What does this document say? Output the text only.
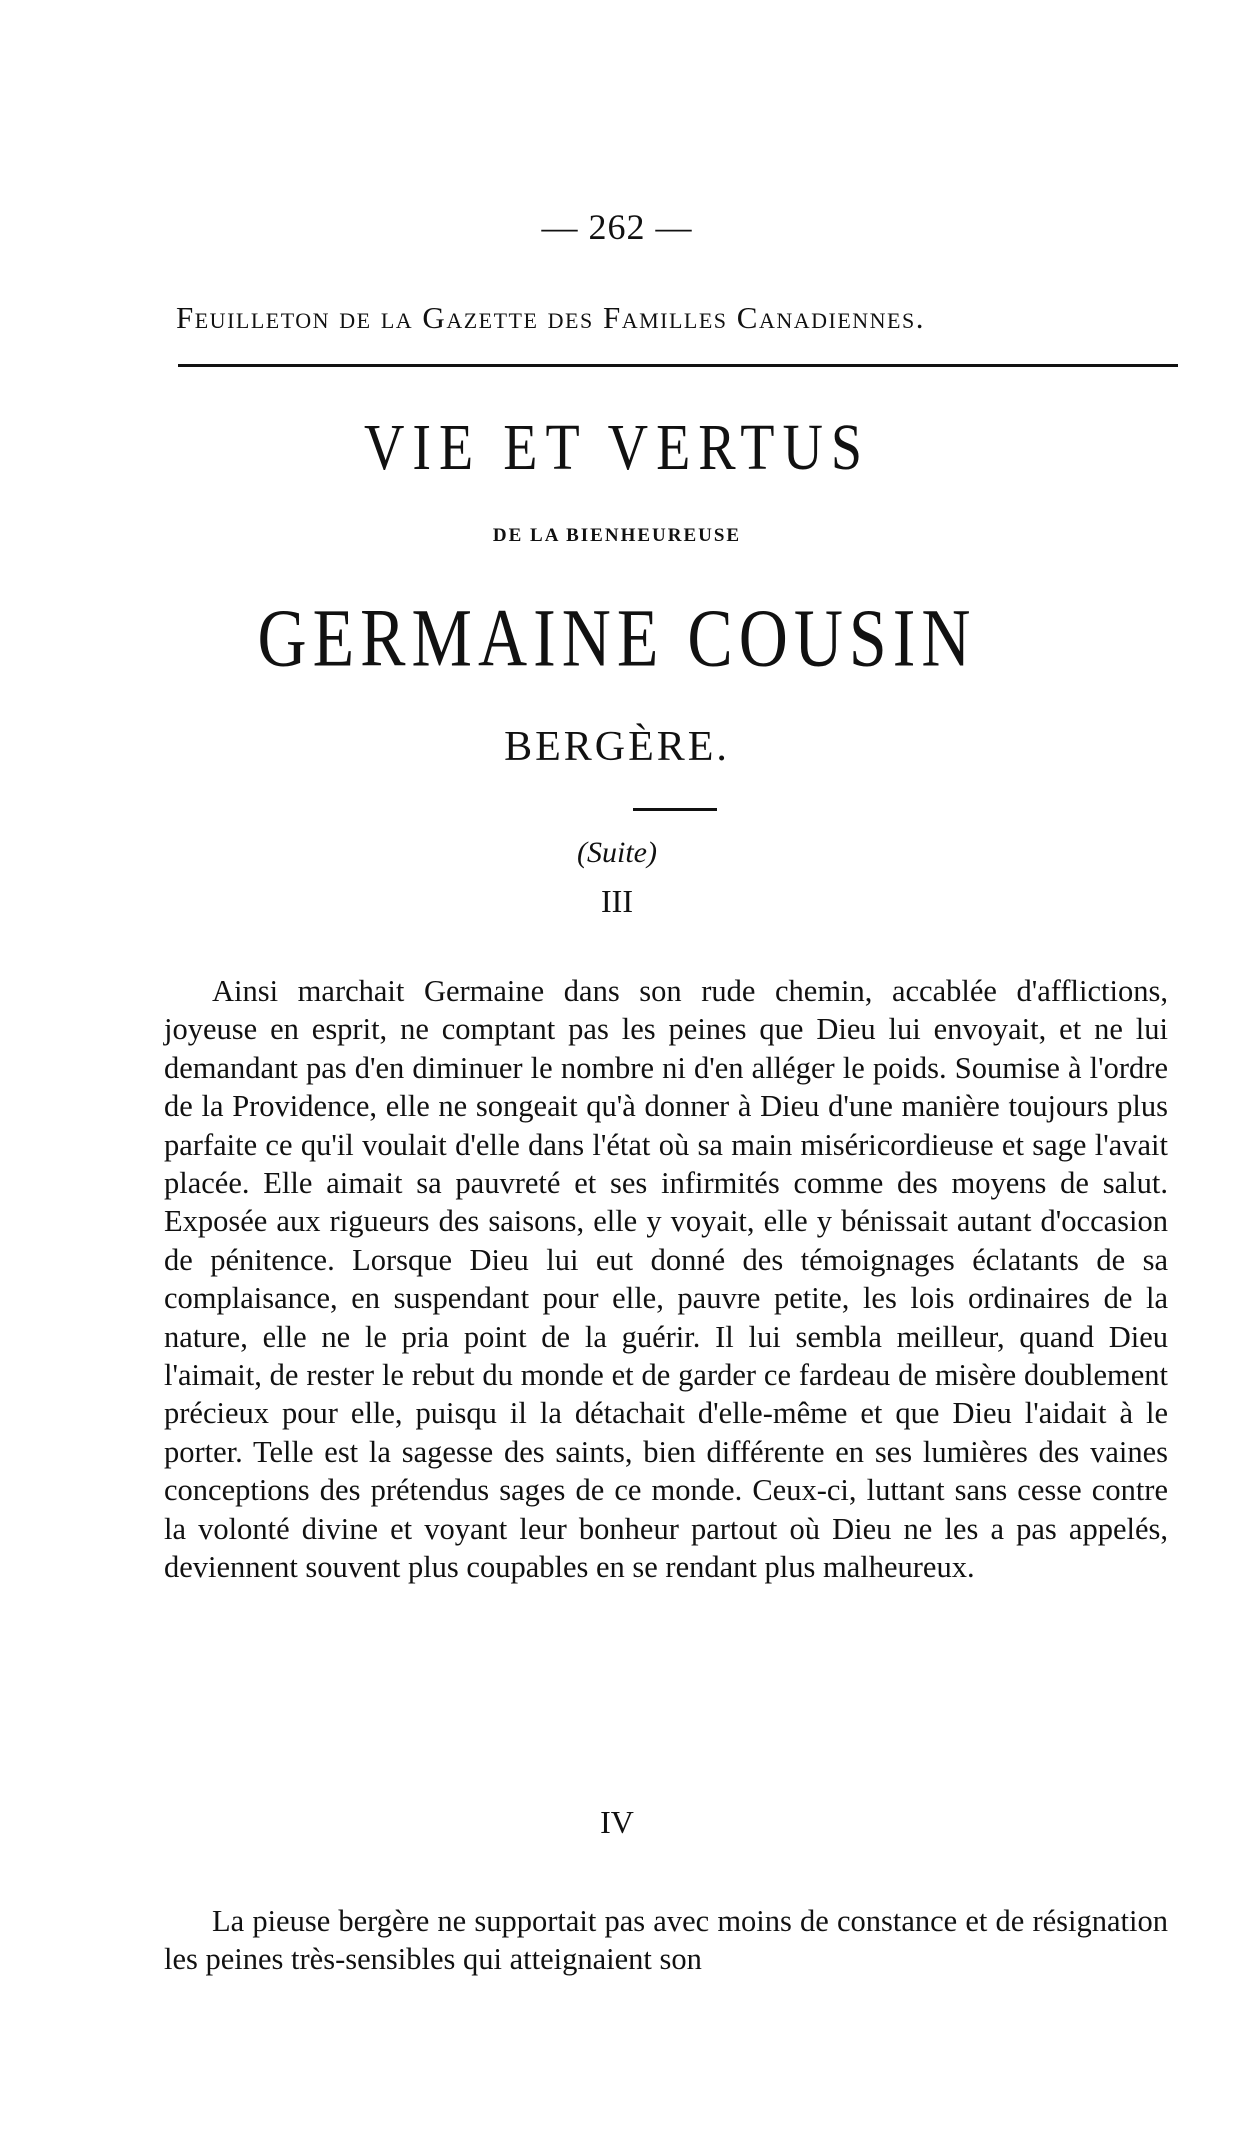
— 262 —
Feuilleton de la Gazette des Familles Canadiennes.
VIE ET VERTUS
DE LA BIENHEUREUSE
GERMAINE COUSIN
BERGÈRE.
(Suite)
III

Ainsi marchait Germaine dans son rude chemin, accablée d'afflictions, joyeuse en esprit, ne comptant pas les peines que Dieu lui envoyait, et ne lui demandant pas d'en diminuer le nombre ni d'en alléger le poids. Soumise à l'ordre de la Providence, elle ne songeait qu'à donner à Dieu d'une manière toujours plus parfaite ce qu'il voulait d'elle dans l'état où sa main miséricordieuse et sage l'avait placée. Elle aimait sa pauvreté et ses infirmités comme des moyens de salut. Exposée aux rigueurs des saisons, elle y voyait, elle y bénissait autant d'occasion de pénitence. Lorsque Dieu lui eut donné des témoignages éclatants de sa complaisance, en suspendant pour elle, pauvre petite, les lois ordinaires de la nature, elle ne le pria point de la guérir. Il lui sembla meilleur, quand Dieu l'aimait, de rester le rebut du monde et de garder ce fardeau de misère doublement précieux pour elle, puisqu il la détachait d'elle-même et que Dieu l'aidait à le porter. Telle est la sagesse des saints, bien différente en ses lumières des vaines conceptions des prétendus sages de ce monde. Ceux-ci, luttant sans cesse contre la volonté divine et voyant leur bonheur partout où Dieu ne les a pas appelés, deviennent souvent plus coupables en se rendant plus malheureux.

IV

La pieuse bergère ne supportait pas avec moins de constance et de résignation les peines très-sensibles qui atteignaient son
